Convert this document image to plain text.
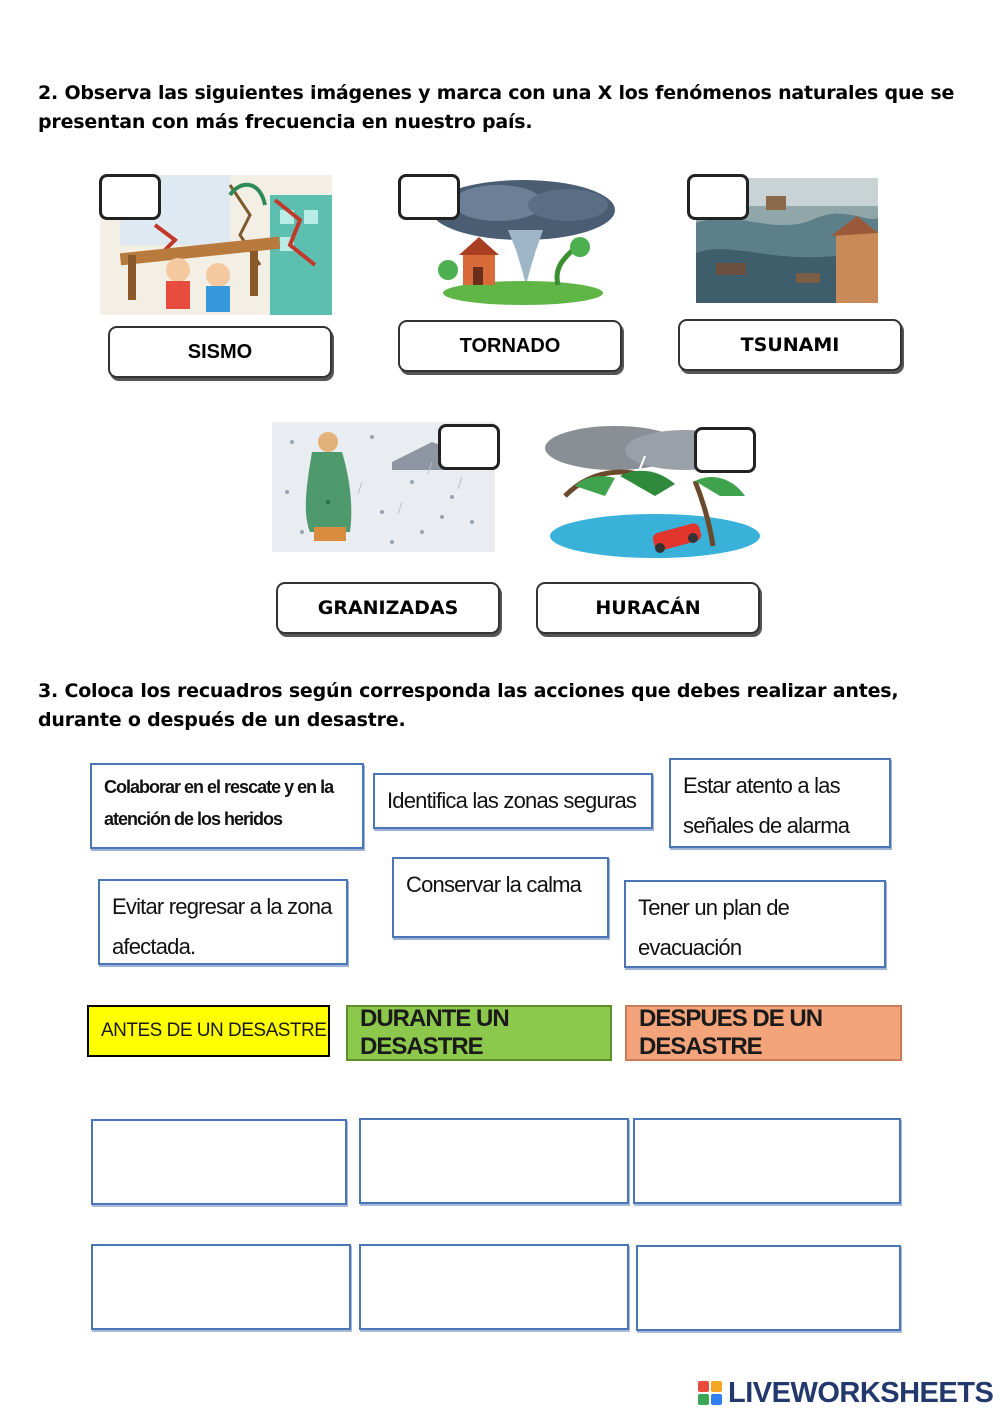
2. Observa las siguientes imágenes y marca con una X los fenómenos naturales que se presentan con más frecuencia en nuestro país.
SISMO	TORNADO	TSUNAMI
GRANIZADAS	HURACÁN
3. Coloca los recuadros según corresponda las acciones que debes realizar antes, durante o después de un desastre.
Colaborar en el rescate y en la atención de los heridos
Identifica las zonas seguras
Estar atento a las señales de alarma
Evitar regresar a la zona afectada.
Conservar la calma
Tener un plan de evacuación
ANTES DE UN DESASTRE	DURANTE UN DESASTRE
DESPUES DE UN DESASTRE
LIVEWORKSHEETS
